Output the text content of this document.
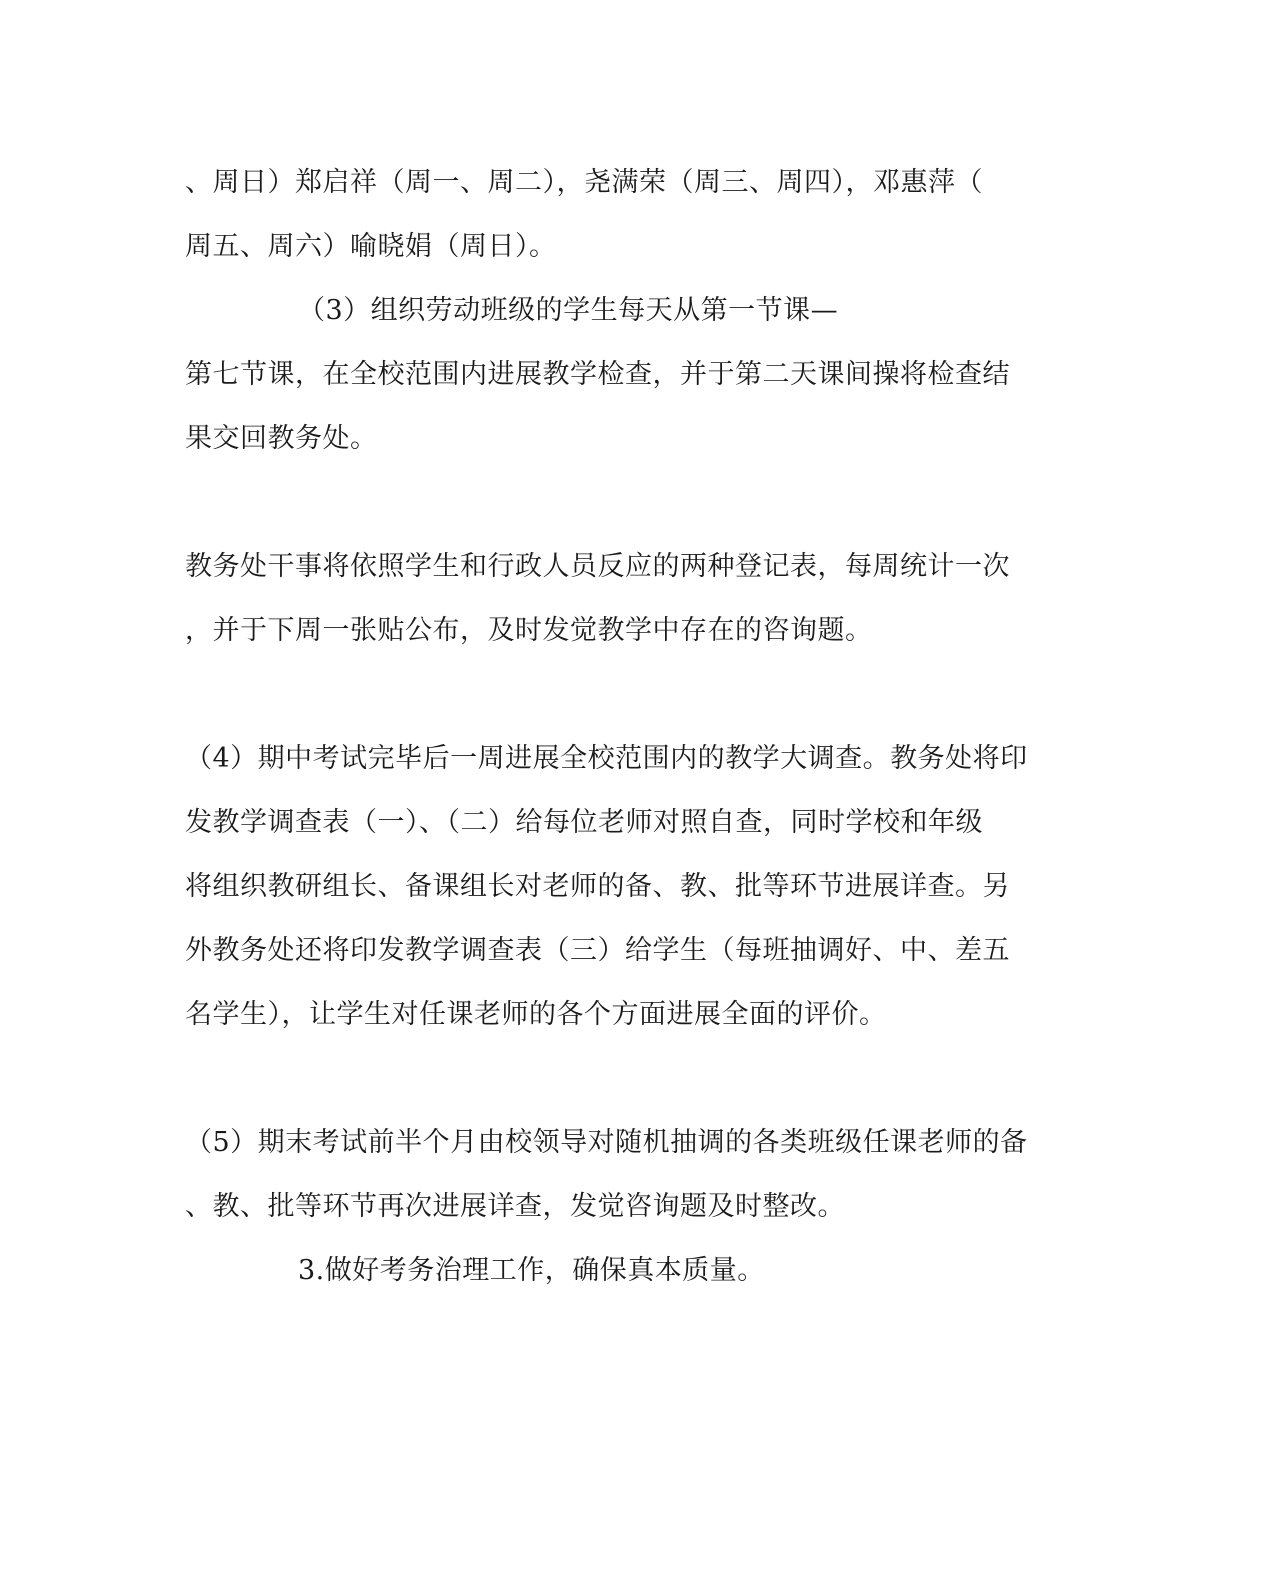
、周日）郑启祥（周一、周二），尧满荣（周三、周四），邓惠萍（
周五、周六）喻晓娟（周日）。
（3）组织劳动班级的学生每天从第一节课—
第七节课，在全校范围内进展教学检查，并于第二天课间操将检查结
果交回教务处。
教务处干事将依照学生和行政人员反应的两种登记表，每周统计一次
，并于下周一张贴公布，及时发觉教学中存在的咨询题。
（4）期中考试完毕后一周进展全校范围内的教学大调查。教务处将印
发教学调查表（一）、（二）给每位老师对照自查，同时学校和年级
将组织教研组长、备课组长对老师的备、教、批等环节进展详查。另
外教务处还将印发教学调查表（三）给学生（每班抽调好、中、差五
名学生），让学生对任课老师的各个方面进展全面的评价。
（5）期末考试前半个月由校领导对随机抽调的各类班级任课老师的备
、教、批等环节再次进展详查，发觉咨询题及时整改。
3.做好考务治理工作，确保真本质量。
